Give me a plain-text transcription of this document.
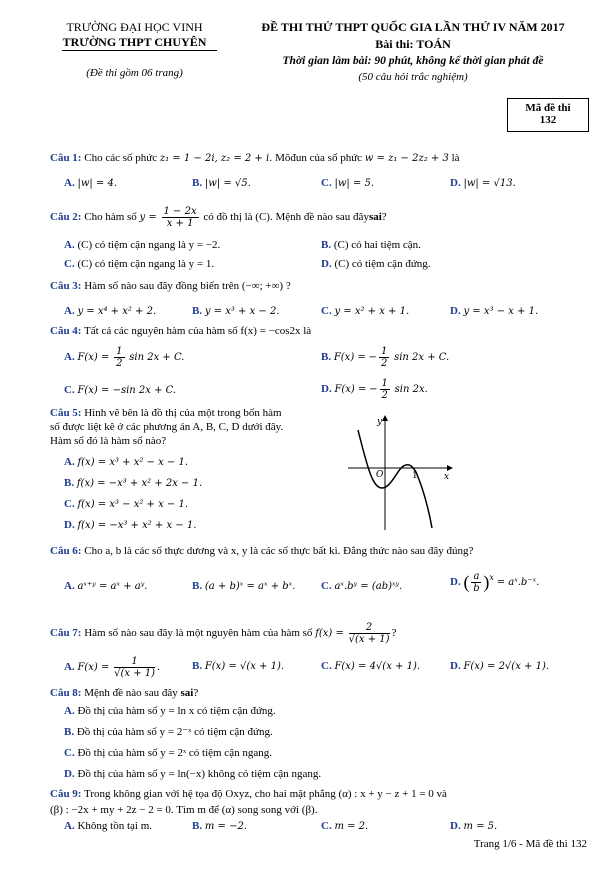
TRƯỜNG ĐẠI HỌC VINH
TRƯỜNG THPT CHUYÊN
(Đề thi gồm 06 trang)
ĐỀ THI THỬ THPT QUỐC GIA LẦN THỨ IV NĂM 2017
Bài thi: TOÁN
Thời gian làm bài: 90 phút, không kể thời gian phát đề
(50 câu hỏi trắc nghiệm)
Mã đề thi
132
Câu 1: Cho các số phức z₁ = 1 − 2i, z₂ = 2 + i. Môđun của số phức w = z₁ − 2z₂ + 3 là
A. |w| = 4.	B. |w| = √5.	C. |w| = 5.	D. |w| = √13.
Câu 2: Cho hàm số $y = \frac{1 - 2x}{x + 1}$ có đồ thị là (C). Mệnh đề nào sau đâysai?
A. (C) có tiệm cận ngang là y = −2.	B. (C) có hai tiệm cận.
C. (C) có tiệm cận ngang là y = 1.	D. (C) có tiệm cận đứng.
Câu 3: Hàm số nào sau đây đồng biến trên (−∞; +∞) ?
A. y = x⁴ + x² + 2.	B. y = x³ + x − 2.	C. y = x² + x + 1.	D. y = x³ − x + 1.
Câu 4: Tất cả các nguyên hàm của hàm số f(x) = −cos2x là
A. $F(x) = \frac{1}{2}$ sin 2x + C.	B. F(x) = − $\frac{1}{2}$ sin 2x + C.
C. F(x) = −sin 2x + C.	D. F(x) = − $\frac{1}{2}$ sin 2x.
Câu 5: Hình vẽ bên là đồ thị của một trong bốn hàm
số được liệt kê ở các phương án A, B, C, D dưới đây.
Hàm số đó là hàm số nào?
A. f(x) = x³ + x² − x − 1.
B. f(x) = −x³ + x² + 2x − 1.
C. f(x) = x³ − x² + x − 1.
D. f(x) = −x³ + x² + x − 1.
y
x
O	1
Câu 6: Cho a, b là các số thực dương và x, y là các số thực bất kì. Đẳng thức nào sau đây đúng?
A. aˣ⁺ʸ = aˣ + aʸ.	B. (a + b)ˣ = aˣ + bˣ. C. aˣ.bʸ = (ab)ˣʸ.	D. ( $\frac{a}{b} )^x$ = aˣ.b⁻ˣ.
Câu 7: Hàm số nào sau đây là một nguyên hàm của hàm số $f(x) = \frac{2}{√(x + 1)}$ ?
A. $F(x) = \frac{1}{√(x + 1)}$ .	B. F(x) = √(x + 1).	C. F(x) = 4√(x + 1).	D. F(x) = 2√(x + 1).
Câu 8: Mệnh đề nào sau đây sai?
A. Đồ thị của hàm số y = ln x có tiệm cận đứng.
B. Đồ thị của hàm số y = 2⁻ˣ có tiệm cận đứng.
C. Đồ thị của hàm số y = 2ˣ có tiệm cận ngang.
D. Đồ thị của hàm số y = ln(−x) không có tiệm cận ngang.
Câu 9: Trong không gian với hệ tọa độ Oxyz, cho hai mặt phẳng (α) : x + y − z + 1 = 0 và
(β) : −2x + my + 2z − 2 = 0. Tìm m để (α) song song với (β).
A. Không tồn tại m.	B. m = −2.	C. m = 2.	D. m = 5.
Trang 1/6 - Mã đề thi 132
